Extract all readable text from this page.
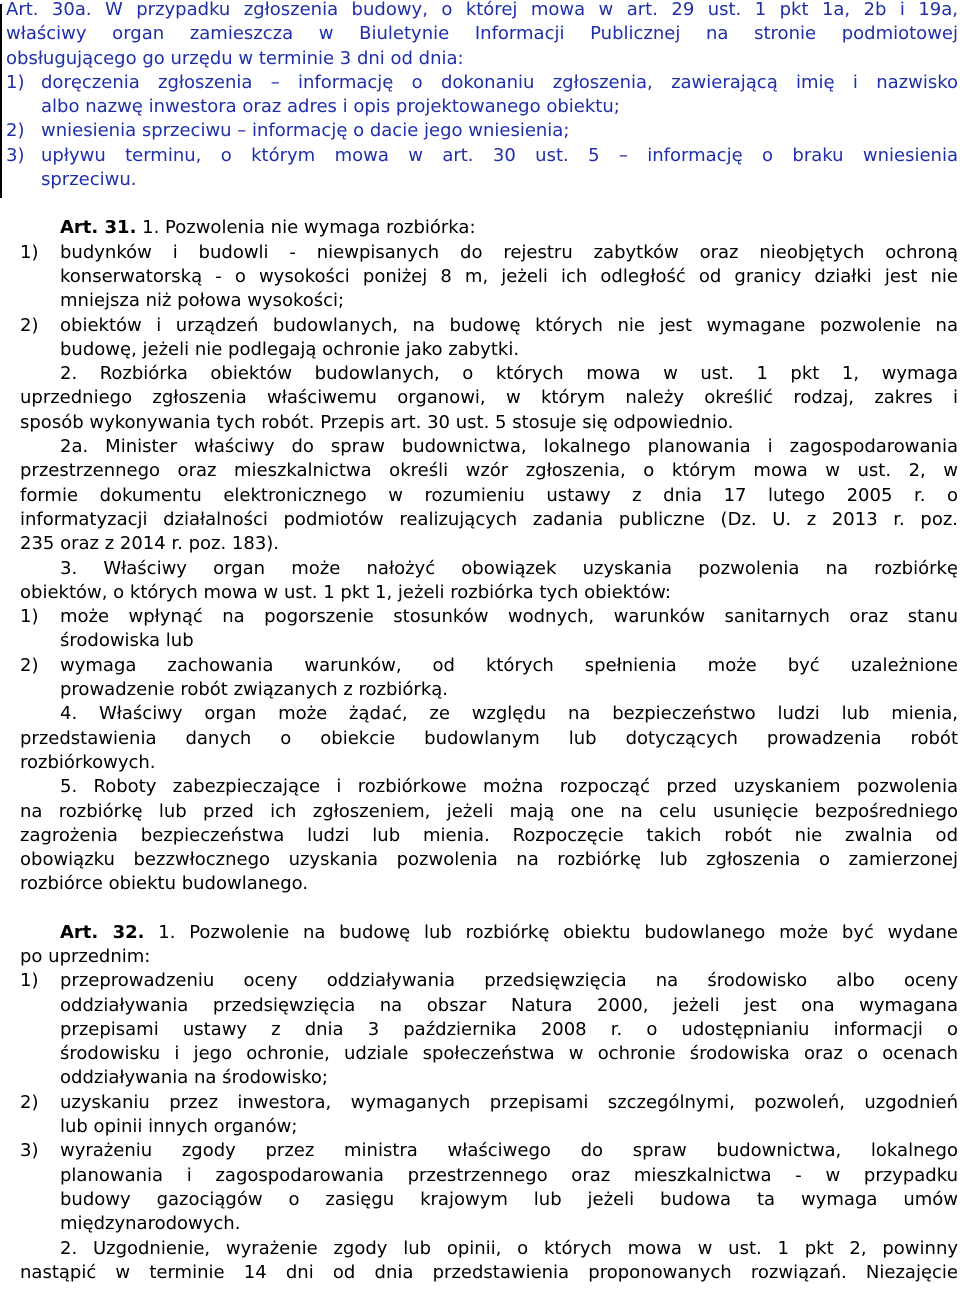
Art. 30a. W przypadku zgłoszenia budowy, o której mowa w art. 29 ust. 1 pkt 1a, 2b i 19a,
właściwy organ zamieszcza w Biuletynie Informacji Publicznej na stronie podmiotowej
obsługującego go urzędu w terminie 3 dni od dnia:
1) doręczenia zgłoszenia – informację o dokonaniu zgłoszenia, zawierającą imię i nazwisko
albo nazwę inwestora oraz adres i opis projektowanego obiektu;
2) wniesienia sprzeciwu – informację o dacie jego wniesienia;
3) upływu terminu, o którym mowa w art. 30 ust. 5 – informację o braku wniesienia
sprzeciwu.
Art. 31. 1. Pozwolenia nie wymaga rozbiórka:
1)	budynków i budowli - niewpisanych do rejestru zabytków oraz nieobjętych ochroną
konserwatorską - o wysokości poniżej 8 m, jeżeli ich odległość od granicy działki jest nie
mniejsza niż połowa wysokości;
2)	obiektów i urządzeń budowlanych, na budowę których nie jest wymagane pozwolenie na
budowę, jeżeli nie podlegają ochronie jako zabytki.
2. Rozbiórka obiektów budowlanych, o których mowa w ust. 1 pkt 1, wymaga
uprzedniego zgłoszenia właściwemu organowi, w którym należy określić rodzaj, zakres i
sposób wykonywania tych robót. Przepis art. 30 ust. 5 stosuje się odpowiednio.
2a. Minister właściwy do spraw budownictwa, lokalnego planowania i zagospodarowania
przestrzennego oraz mieszkalnictwa określi wzór zgłoszenia, o którym mowa w ust. 2, w
formie dokumentu elektronicznego w rozumieniu ustawy z dnia 17 lutego 2005 r. o
informatyzacji działalności podmiotów realizujących zadania publiczne (Dz. U. z 2013 r. poz.
235 oraz z 2014 r. poz. 183).
3. Właściwy organ może nałożyć obowiązek uzyskania pozwolenia na rozbiórkę
obiektów, o których mowa w ust. 1 pkt 1, jeżeli rozbiórka tych obiektów:
1)	może wpłynąć na pogorszenie stosunków wodnych, warunków sanitarnych oraz stanu
środowiska lub
2)	wymaga zachowania warunków, od których spełnienia może być uzależnione
prowadzenie robót związanych z rozbiórką.
4. Właściwy organ może żądać, ze względu na bezpieczeństwo ludzi lub mienia,
przedstawienia danych o obiekcie budowlanym lub dotyczących prowadzenia robót
rozbiórkowych.
5. Roboty zabezpieczające i rozbiórkowe można rozpocząć przed uzyskaniem pozwolenia
na rozbiórkę lub przed ich zgłoszeniem, jeżeli mają one na celu usunięcie bezpośredniego
zagrożenia bezpieczeństwa ludzi lub mienia. Rozpoczęcie takich robót nie zwalnia od
obowiązku bezzwłocznego uzyskania pozwolenia na rozbiórkę lub zgłoszenia o zamierzonej
rozbiórce obiektu budowlanego.
Art. 32. 1. Pozwolenie na budowę lub rozbiórkę obiektu budowlanego może być wydane
po uprzednim:
1)	przeprowadzeniu oceny oddziaływania przedsięwzięcia na środowisko albo oceny
oddziaływania przedsięwzięcia na obszar Natura 2000, jeżeli jest ona wymagana
przepisami ustawy z dnia 3 października 2008 r. o udostępnianiu informacji o
środowisku i jego ochronie, udziale społeczeństwa w ochronie środowiska oraz o ocenach
oddziaływania na środowisko;
2)	uzyskaniu przez inwestora, wymaganych przepisami szczególnymi, pozwoleń, uzgodnień
lub opinii innych organów;
3)	wyrażeniu zgody przez ministra właściwego do spraw budownictwa, lokalnego
planowania i zagospodarowania przestrzennego oraz mieszkalnictwa - w przypadku
budowy gazociągów o zasięgu krajowym lub jeżeli budowa ta wymaga umów
międzynarodowych.
2. Uzgodnienie, wyrażenie zgody lub opinii, o których mowa w ust. 1 pkt 2, powinny
nastąpić w terminie 14 dni od dnia przedstawienia proponowanych rozwiązań. Niezajęcie
